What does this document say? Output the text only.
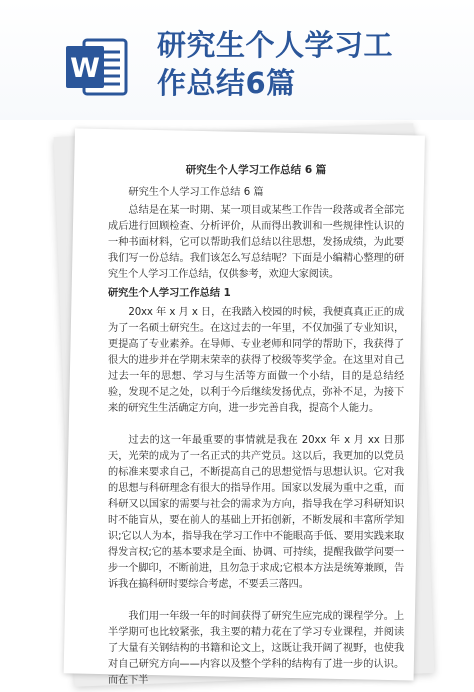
W
研究生个人学习工
作总结6篇
研究生个人学习工作总结 6 篇
研究生个人学习工作总结 6 篇

总结是在某一时期、某一项目或某些工作告一段落或者全部完成后进行回顾检查、分析评价，从而得出教训和一些规律性认识的一种书面材料，它可以帮助我们总结以往思想，发扬成绩，为此要我们写一份总结。我们该怎么写总结呢？下面是小编精心整理的研究生个人学习工作总结，仅供参考，欢迎大家阅读。

研究生个人学习工作总结 1

20xx 年 x 月 x 日，在我踏入校园的时候，我便真真正正的成为了一名硕士研究生。在这过去的一年里，不仅加强了专业知识，更提高了专业素养。在导师、专业老师和同学的帮助下，我获得了很大的进步并在学期末荣幸的获得了校级等奖学金。在这里对自己过去一年的思想、学习与生活等方面做一个小结，目的是总结经验，发现不足之处，以利于今后继续发扬优点，弥补不足，为接下来的研究生生活确定方向，进一步完善自我，提高个人能力。

过去的这一年最重要的事情就是我在 20xx 年 x 月 xx 日那天，光荣的成为了一名正式的共产党员。这以后，我更加的以党员的标准来要求自己，不断提高自己的思想觉悟与思想认识。它对我的思想与科研理念有很大的指导作用。国家以发展为重中之重，而科研又以国家的需要与社会的需求为方向，指导我在学习科研知识时不能盲从，要在前人的基础上开拓创新，不断发展和丰富所学知识;它以人为本，指导我在学习工作中不能眼高手低、要用实践来取得发言权;它的基本要求是全面、协调、可持续，提醒我做学问要一步一个脚印，不断前进，且勿急于求成;它根本方法是统筹兼顾，告诉我在搞科研时要综合考虑，不要丢三落四。

我们用一年级一年的时间获得了研究生应完成的课程学分。上半学期可也比较紧张，我主要的精力花在了学习专业课程，并阅读了大量有关钢结构的书籍和论文上，这既让我开阔了视野，也使我对自己研究方向——内容以及整个学科的结构有了进一步的认识。而在下半
